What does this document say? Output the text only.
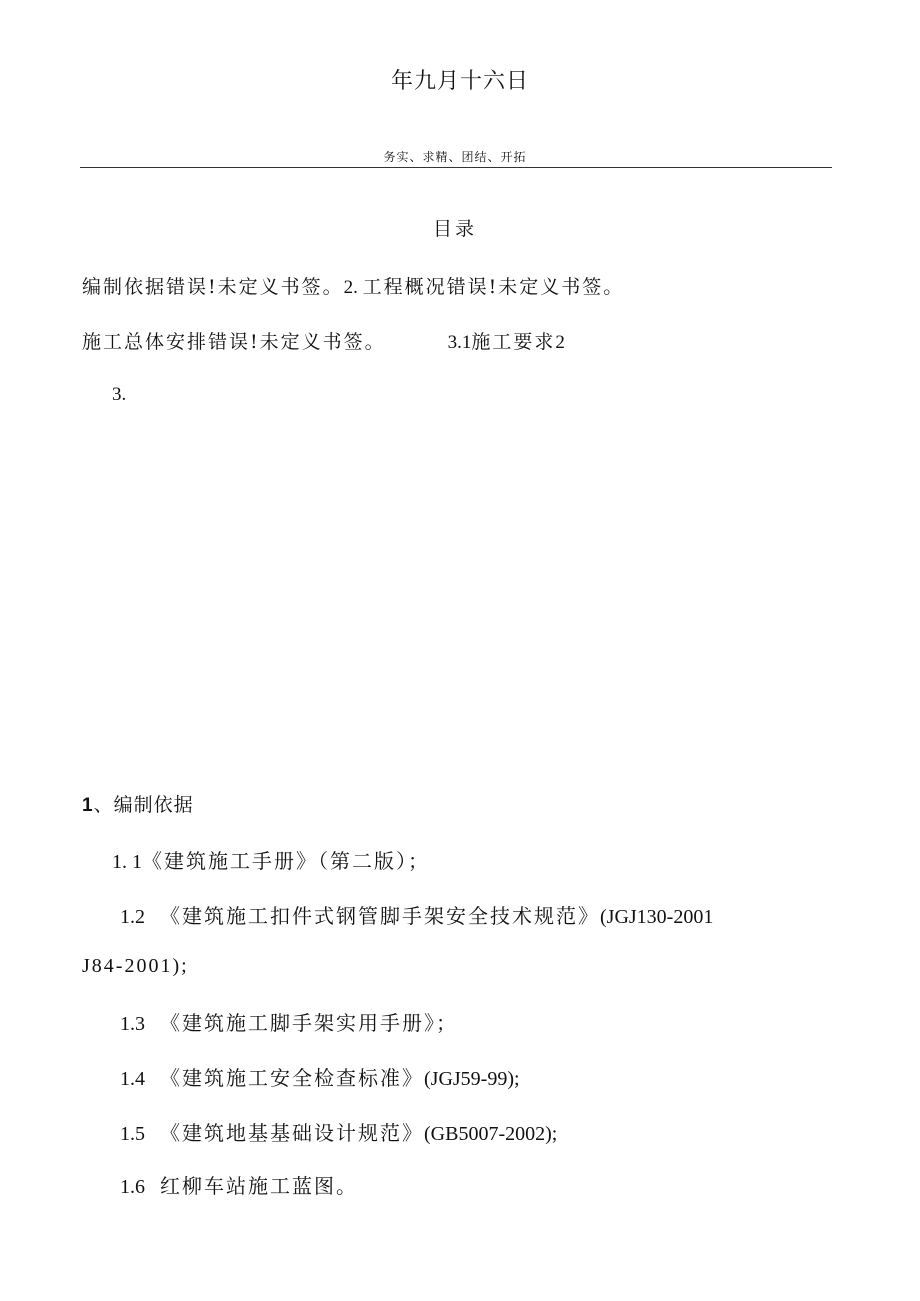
年九月十六日
务实、求精、团结、开拓
目录
编制依据错误!未定义书签。2. 工程概况错误!未定义书签。
施工总体安排错误!未定义书签。	3.1施工要求2
3.
1、编制依据
1. 1《建筑施工手册》（第二版）；
1.2 《建筑施工扣件式钢管脚手架安全技术规范》(JGJ130-2001
J84-2001);
1.3 《建筑施工脚手架实用手册》；
1.4 《建筑施工安全检查标准》(JGJ59-99);
1.5 《建筑地基基础设计规范》(GB5007-2002);
1.6 红柳车站施工蓝图。
